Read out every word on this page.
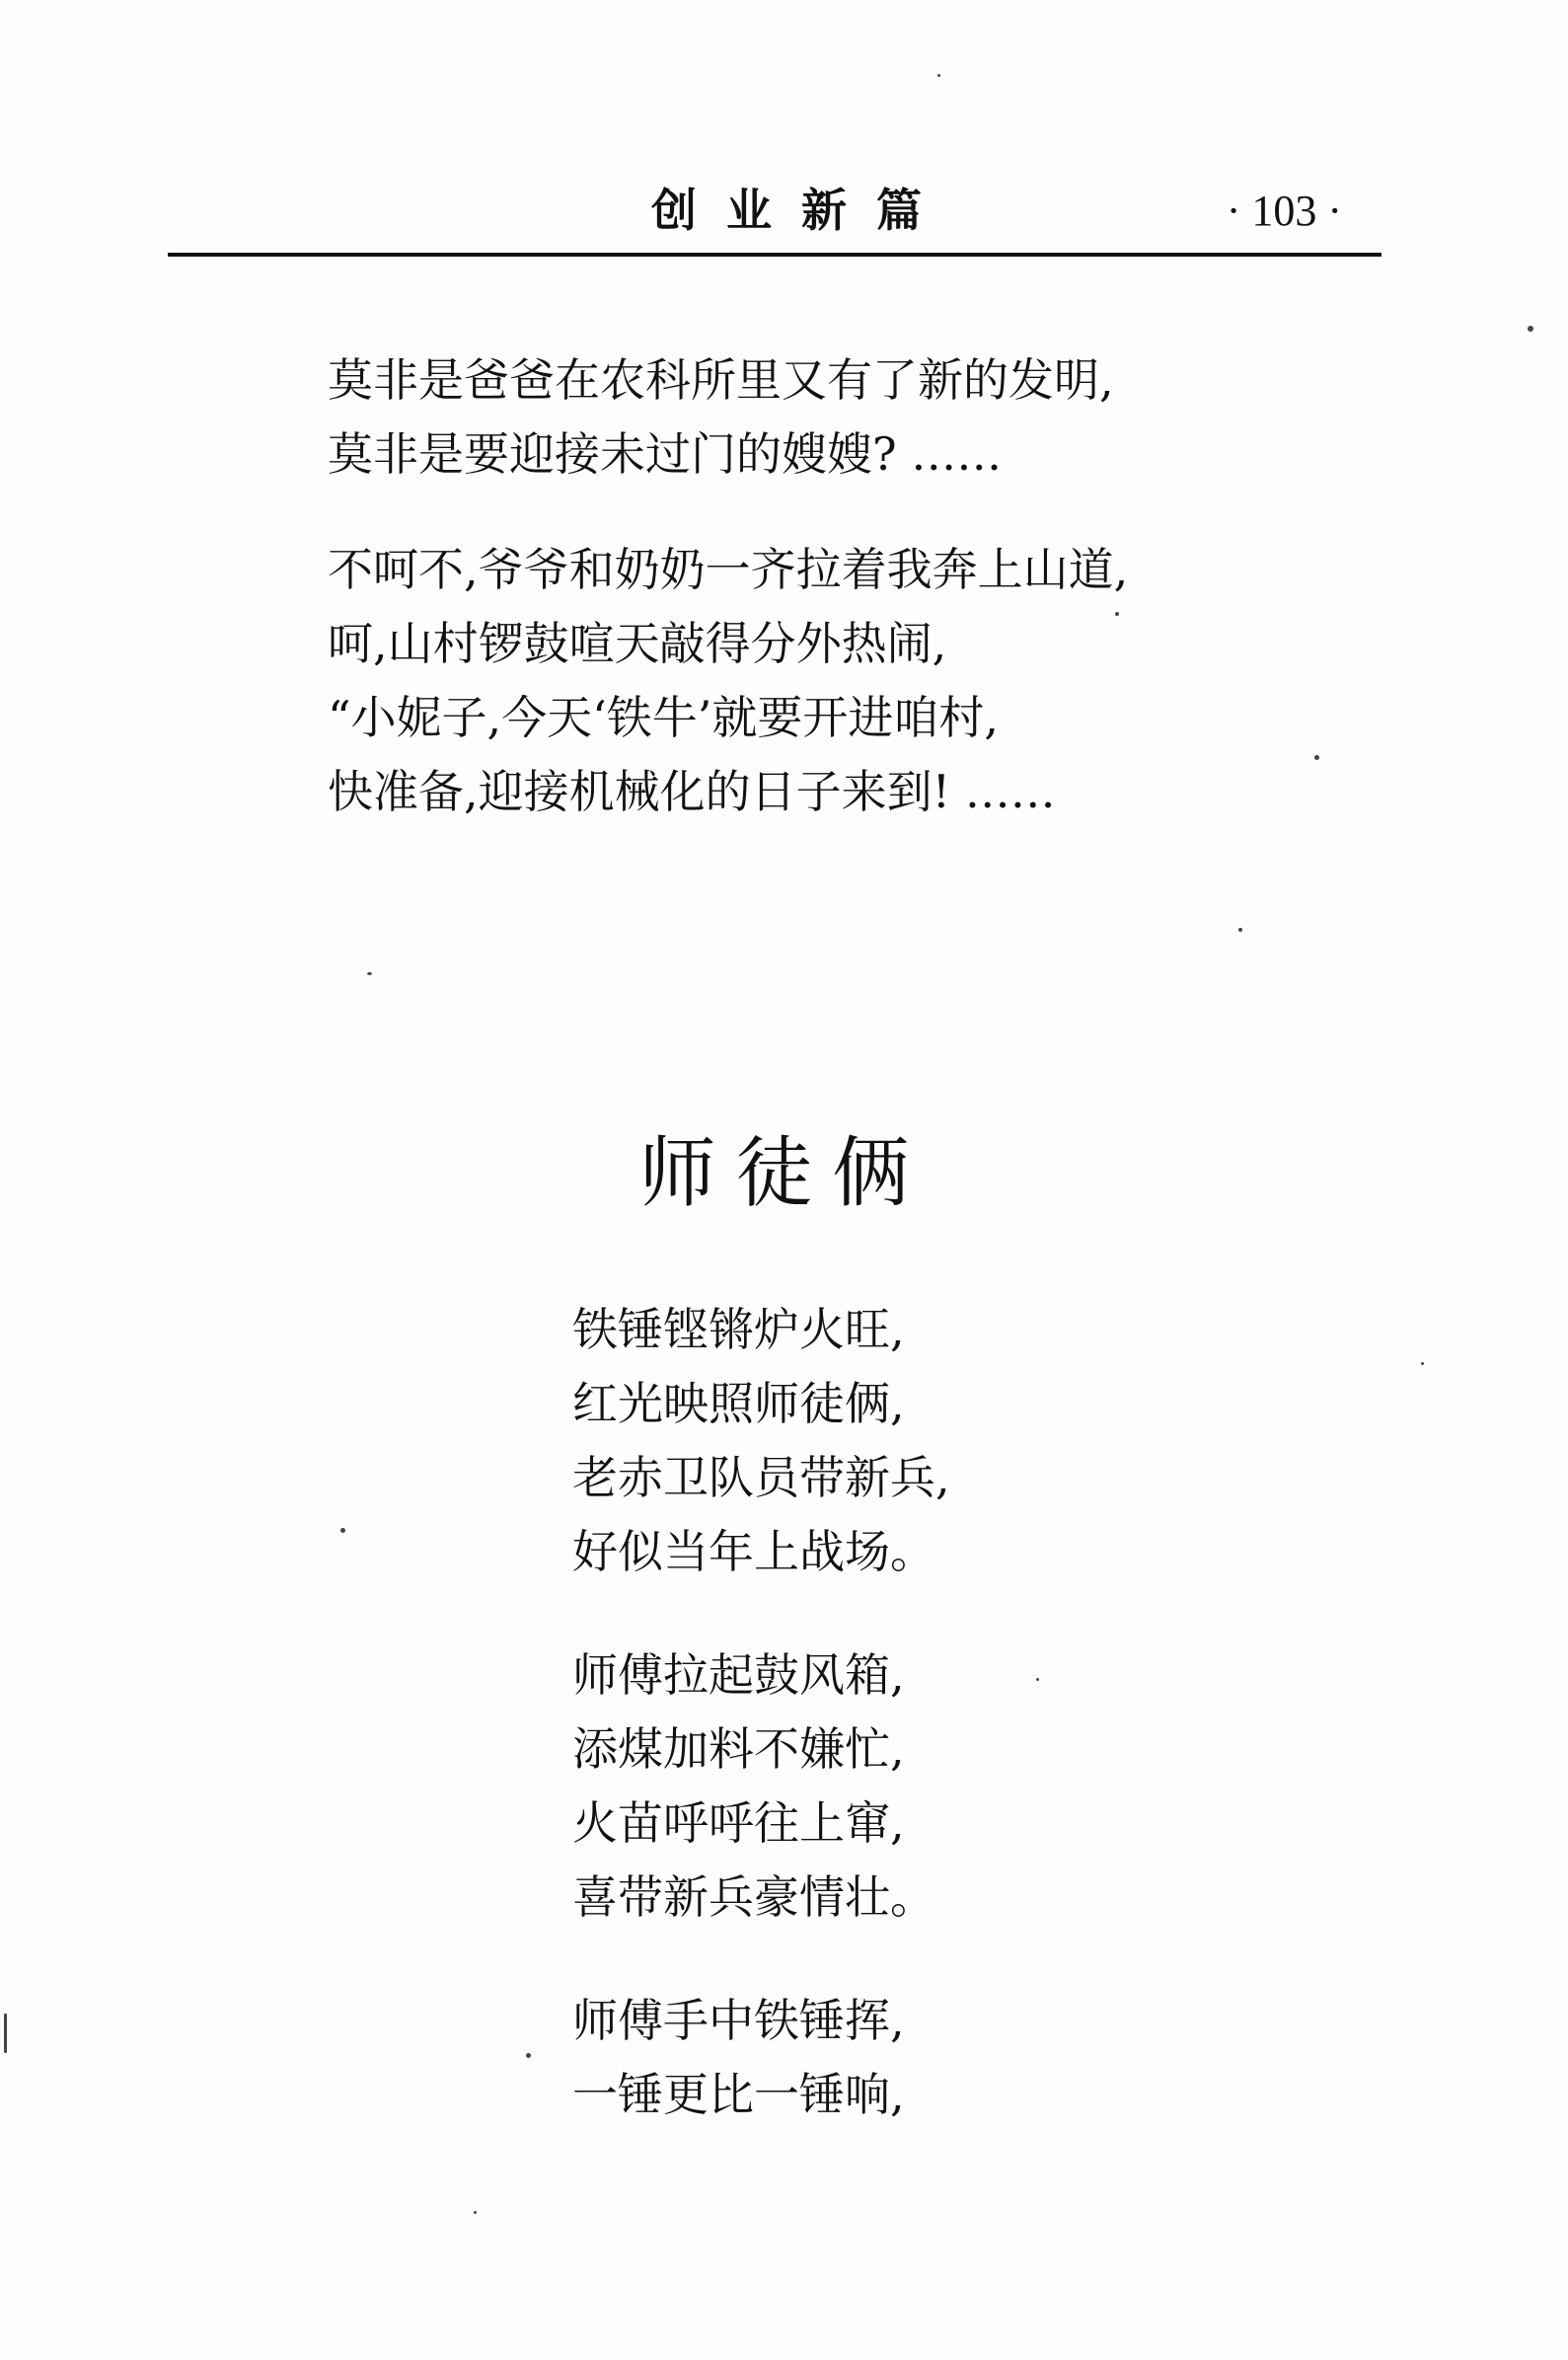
创业新篇	· 103 ·
莫非是爸爸在农科所里又有了新的发明,
莫非是要迎接未过门的嫂嫂? ……
不呵不,爷爷和奶奶一齐拉着我奔上山道,
呵,山村锣鼓喧天敲得分外热闹,
“小妮子,今天‘铁牛’就要开进咱村,
快准备,迎接机械化的日子来到! ……
师徒俩
铁锤铿锵炉火旺,
红光映照师徒俩,
老赤卫队员带新兵,
好似当年上战场。
师傅拉起鼓风箱,
添煤加料不嫌忙,
火苗呼呼往上窜,
喜带新兵豪情壮。
师傅手中铁锤挥,
一锤更比一锤响,
